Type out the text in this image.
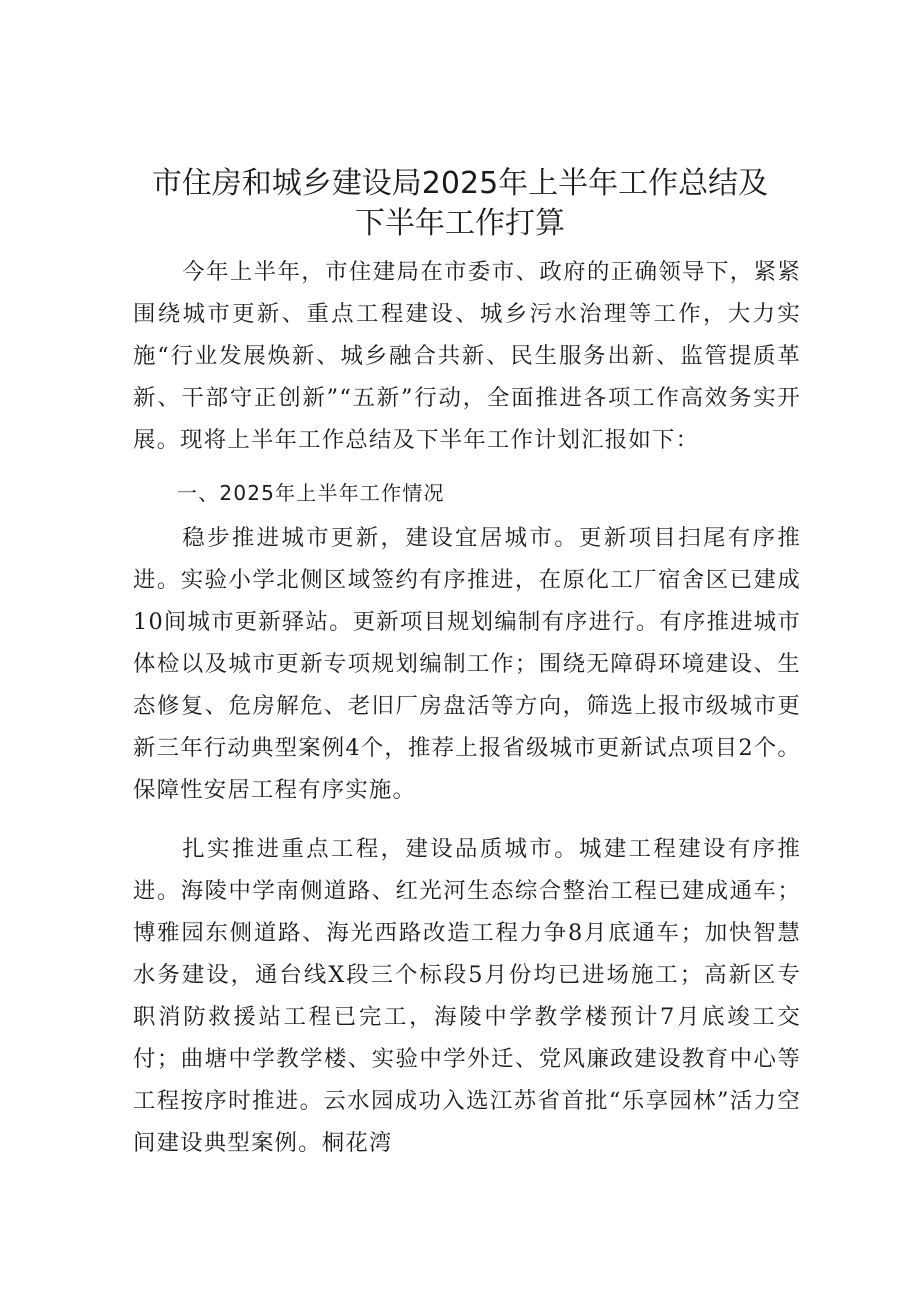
市住房和城乡建设局2025年上半年工作总结及
下半年工作打算

今年上半年，市住建局在市委市、政府的正确领导下，紧紧围绕城市更新、重点工程建设、城乡污水治理等工作，大力实施“行业发展焕新、城乡融合共新、民生服务出新、监管提质革新、干部守正创新”“五新”行动，全面推进各项工作高效务实开展。现将上半年工作总结及下半年工作计划汇报如下：

一、2025年上半年工作情况

稳步推进城市更新，建设宜居城市。更新项目扫尾有序推进。实验小学北侧区域签约有序推进，在原化工厂宿舍区已建成10间城市更新驿站。更新项目规划编制有序进行。有序推进城市体检以及城市更新专项规划编制工作；围绕无障碍环境建设、生态修复、危房解危、老旧厂房盘活等方向，筛选上报市级城市更新三年行动典型案例4个，推荐上报省级城市更新试点项目2个。保障性安居工程有序实施。

扎实推进重点工程，建设品质城市。城建工程建设有序推进。海陵中学南侧道路、红光河生态综合整治工程已建成通车；博雅园东侧道路、海光西路改造工程力争8月底通车；加快智慧水务建设，通台线X段三个标段5月份均已进场施工；高新区专职消防救援站工程已完工，海陵中学教学楼预计7月底竣工交付；曲塘中学教学楼、实验中学外迁、党风廉政建设教育中心等工程按序时推进。云水园成功入选江苏省首批“乐享园林”活力空间建设典型案例。桐花湾
